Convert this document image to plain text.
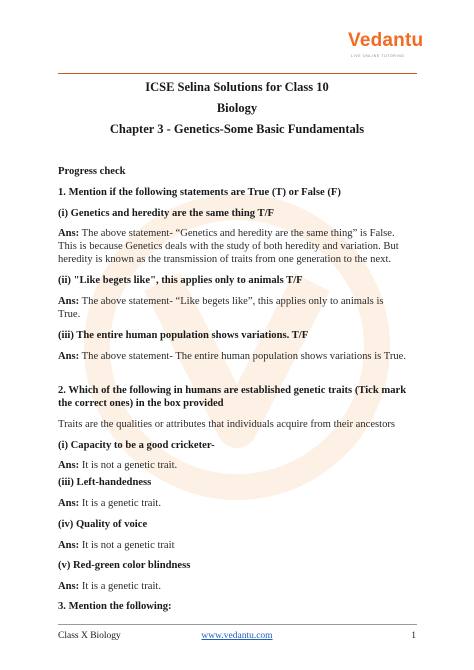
Vedantu
LIVE ONLINE TUTORING
ICSE Selina Solutions for Class 10
Biology
Chapter 3 - Genetics-Some Basic Fundamentals
Progress check
1. Mention if the following statements are True (T) or False (F)
(i) Genetics and heredity are the same thing T/F
Ans: The above statement- “Genetics and heredity are the same thing” is False.
This is because Genetics deals with the study of both heredity and variation. But
heredity is known as the transmission of traits from one generation to the next.
(ii) "Like begets like", this applies only to animals T/F
Ans: The above statement- “Like begets like”, this applies only to animals is
True.
(iii) The entire human population shows variations. T/F
Ans: The above statement- The entire human population shows variations is True.
2. Which of the following in humans are established genetic traits (Tick mark
the correct ones) in the box provided
Traits are the qualities or attributes that individuals acquire from their ancestors
(i) Capacity to be a good cricketer-
Ans: It is not a genetic trait.
(iii) Left-handedness
Ans: It is a genetic trait.
(iv) Quality of voice
Ans: It is not a genetic trait
(v) Red-green color blindness
Ans: It is a genetic trait.
3. Mention the following:
Class X Biology	www.vedantu.com	1
